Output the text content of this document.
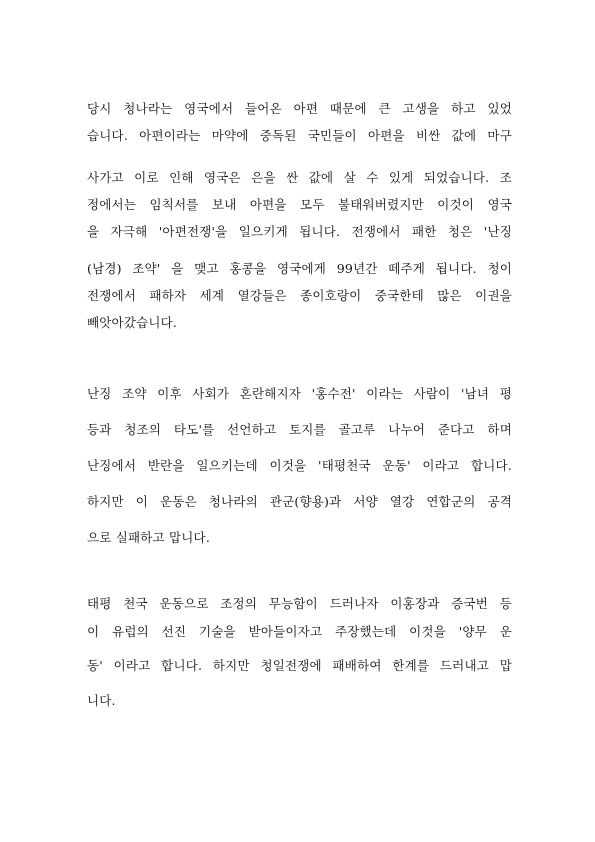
당시 청나라는 영국에서 들어온 아편 때문에 큰 고생을 하고 있었
습니다. 아편이라는 마약에 중독된 국민들이 아편을 비싼 값에 마구
사가고 이로 인해 영국은 은을 싼 값에 살 수 있게 되었습니다. 조
정에서는 임칙서를 보내 아편을 모두 불태워버렸지만 이것이 영국
을 자극해 '아편전쟁'을 일으키게 됩니다. 전쟁에서 패한 청은 '난징
(남경) 조약' 을 맺고 홍콩을 영국에게 99년간 떼주게 됩니다. 청이
전쟁에서 패하자 세계 열강들은 종이호랑이 중국한테 많은 이권을
빼앗아갔습니다.
난징 조약 이후 사회가 혼란해지자 '홍수전' 이라는 사람이 '남녀 평
등과 청조의 타도'를 선언하고 토지를 골고루 나누어 준다고 하며
난징에서 반란을 일으키는데 이것을 '태평천국 운동' 이라고 합니다.
하지만 이 운동은 청나라의 관군(향용)과 서양 열강 연합군의 공격
으로 실패하고 맙니다.
태평 천국 운동으로 조정의 무능함이 드러나자 이홍장과 증국번 등
이 유럽의 선진 기술을 받아들이자고 주장했는데 이것을 '양무 운
동' 이라고 합니다. 하지만 청일전쟁에 패배하여 한계를 드러내고 맙
니다.
